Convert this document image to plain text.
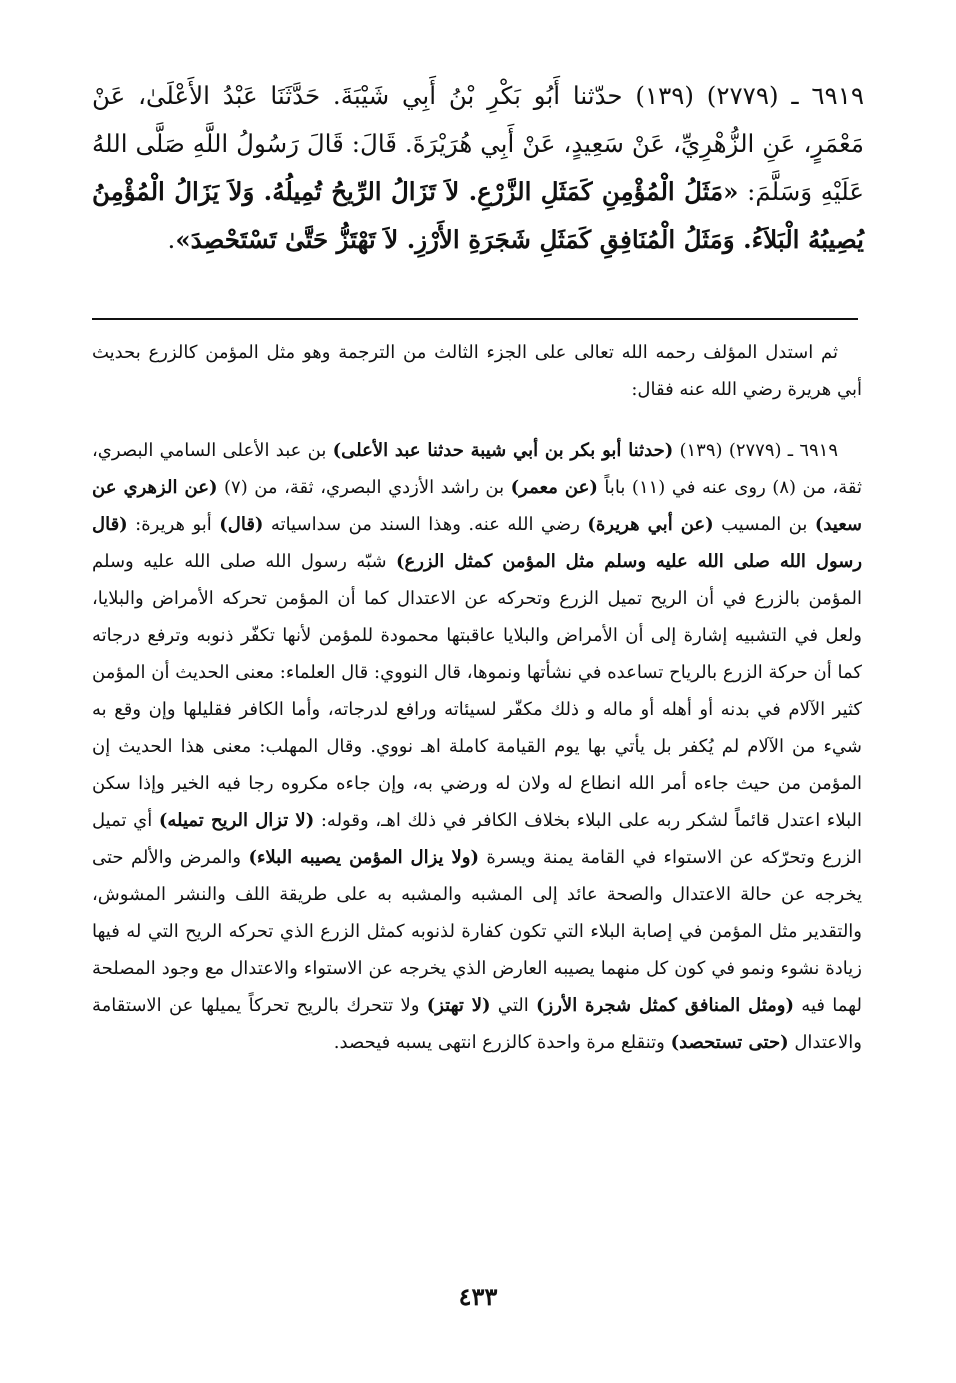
٦٩١٩ ـ (٢٧٧٩) (١٣٩) حدّثنا أَبُو بَكْرِ بْنُ أَبِي شَيْبَةَ. حَدَّثَنَا عَبْدُ الأَعْلَىٰ، عَنْ مَعْمَرٍ، عَنِ الزُّهْرِيِّ، عَنْ سَعِيدٍ، عَنْ أَبِي هُرَيْرَةَ. قَالَ: قَالَ رَسُولُ اللَّهِ صَلَّى اللهُ عَلَيْهِ وَسَلَّمَ: «مَثَلُ الْمُؤْمِنِ كَمَثَلِ الزَّرْعِ. لاَ تَزَالُ الرِّيحُ تُمِيلُهُ. وَلاَ يَزَالُ الْمُؤْمِنُ يُصِيبُهُ الْبَلاَءُ. وَمَثَلُ الْمُنَافِقِ كَمَثَلِ شَجَرَةِ الأَرْزِ. لاَ تَهْتَزُّ حَتَّىٰ تَسْتَحْصِدَ».

ثم استدل المؤلف رحمه الله تعالى على الجزء الثالث من الترجمة وهو مثل المؤمن كالزرع بحديث أبي هريرة رضي الله عنه فقال:

٦٩١٩ ـ (٢٧٧٩) (١٣٩) (حدثنا أبو بكر بن أبي شيبة حدثنا عبد الأعلى) بن عبد الأعلى السامي البصري، ثقة، من (٨) روى عنه في (١١) باباً (عن معمر) بن راشد الأزدي البصري، ثقة، من (٧) (عن الزهري عن سعيد) بن المسيب (عن أبي هريرة) رضي الله عنه. وهذا السند من سداسياته (قال) أبو هريرة: (قال رسول الله صلى الله عليه وسلم مثل المؤمن كمثل الزرع) شبّه رسول الله صلى الله عليه وسلم المؤمن بالزرع في أن الريح تميل الزرع وتحركه عن الاعتدال كما أن المؤمن تحركه الأمراض والبلايا، ولعل في التشبيه إشارة إلى أن الأمراض والبلايا عاقبتها محمودة للمؤمن لأنها تكفّر ذنوبه وترفع درجاته كما أن حركة الزرع بالرياح تساعده في نشأتها ونموها، قال النووي: قال العلماء: معنى الحديث أن المؤمن كثير الآلام في بدنه أو أهله أو ماله و ذلك مكفّر لسيئاته ورافع لدرجاته، وأما الكافر فقليلها وإن وقع به شيء من الآلام لم يُكفر بل يأتي بها يوم القيامة كاملة اهـ نووي. وقال المهلب: معنى هذا الحديث إن المؤمن من حيث جاءه أمر الله انطاع له ولان له ورضي به، وإن جاءه مكروه رجا فيه الخير وإذا سكن البلاء اعتدل قائماً لشكر ربه على البلاء بخلاف الكافر في ذلك اهـ، وقوله: (لا تزال الريح تميله) أي تميل الزرع وتحرّكه عن الاستواء في القامة يمنة ويسرة (ولا يزال المؤمن يصيبه البلاء) والمرض والألم حتى يخرجه عن حالة الاعتدال والصحة عائد إلى المشبه والمشبه به على طريقة اللف والنشر المشوش، والتقدير مثل المؤمن في إصابة البلاء التي تكون كفارة لذنوبه كمثل الزرع الذي تحركه الريح التي له فيها زيادة نشوء ونمو في كون كل منهما يصيبه العارض الذي يخرجه عن الاستواء والاعتدال مع وجود المصلحة لهما فيه (ومثل المنافق كمثل شجرة الأرز) التي (لا تهتز) ولا تتحرك بالريح تحركاً يميلها عن الاستقامة والاعتدال (حتى تستحصد) وتنقلع مرة واحدة كالزرع انتهى يسبه فيحصد.

٤٣٣
